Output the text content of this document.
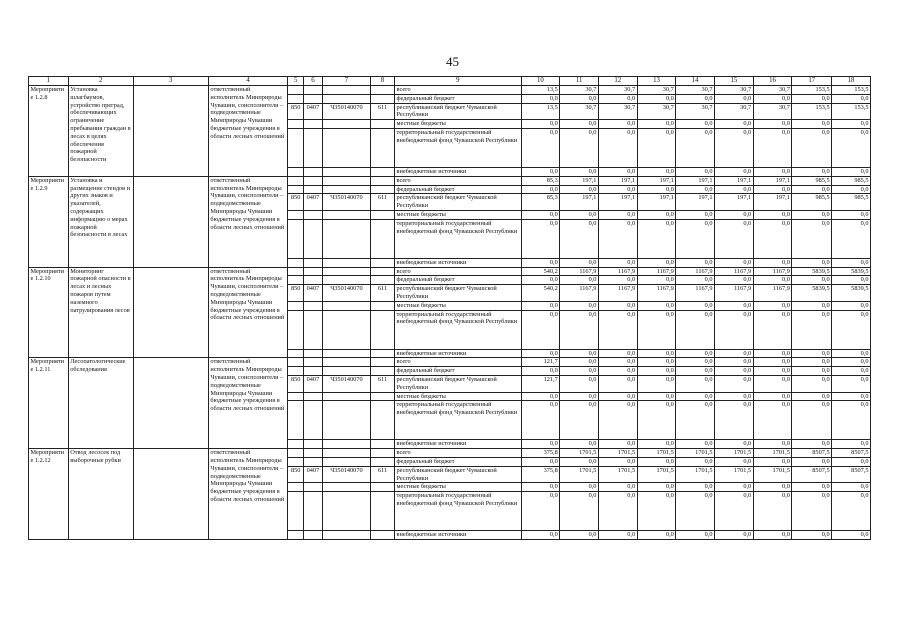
45
1	2	3	4	5	6	7	8	9	10	11	12	13	14	15	16	17	18
Мероприятие 1.2.8	Установка шлагбаумов, устройство преград, обеспечивающих ограничение пребывания граждан в лесах в целях обеспечения пожарной безопасности		ответственный исполнитель Минприроды Чувашии, соисполнители – подведомственные Минприроды Чувашии бюджетные учреждения в области лесных отношений					всего	13,5	30,7	30,7	30,7	30,7	30,7	30,7	153,5	153,5
								федеральный бюджет	0,0	0,0	0,0	0,0	0,0	0,0	0,0	0,0	0,0
				850	0407	Ч350140070	611	республиканский бюджет Чувашской Республики	13,5	30,7	30,7	30,7	30,7	30,7	30,7	153,5	153,5
								местные бюджеты	0,0	0,0	0,0	0,0	0,0	0,0	0,0	0,0	0,0
								территориальный государственный внебюджетный фонд Чувашской Республики	0,0	0,0	0,0	0,0	0,0	0,0	0,0	0,0	0,0
								внебюджетные источники	0,0	0,0	0,0	0,0	0,0	0,0	0,0	0,0	0,0
Мероприятие 1.2.9	Установка и размещение стендов и других знаков и указателей, содержащих информацию о мерах пожарной безопасности в лесах		ответственный исполнитель Минприроды Чувашии, соисполнители – подведомственные Минприроды Чувашии бюджетные учреждения в области лесных отношений					всего	85,3	197,1	197,1	197,1	197,1	197,1	197,1	985,5	985,5
								федеральный бюджет	0,0	0,0	0,0	0,0	0,0	0,0	0,0	0,0	0,0
				850	0407	Ч350140070	611	республиканский бюджет Чувашской Республики	85,3	197,1	197,1	197,1	197,1	197,1	197,1	985,5	985,5
								местные бюджеты	0,0	0,0	0,0	0,0	0,0	0,0	0,0	0,0	0,0
								территориальный государственный внебюджетный фонд Чувашской Республики	0,0	0,0	0,0	0,0	0,0	0,0	0,0	0,0	0,0
								внебюджетные источники	0,0	0,0	0,0	0,0	0,0	0,0	0,0	0,0	0,0
Мероприятие 1.2.10	Мониторинг пожарной опасности в лесах и лесных пожаров путем наземного патрулирования лесов		ответственный исполнитель Минприроды Чувашии, соисполнители – подведомственные Минприроды Чувашии бюджетные учреждения в области лесных отношений					всего	540,2	1167,9	1167,9	1167,9	1167,9	1167,9	1167,9	5839,5	5839,5
								федеральный бюджет	0,0	0,0	0,0	0,0	0,0	0,0	0,0	0,0	0,0
				850	0407	Ч350140070	611	республиканский бюджет Чувашской Республики	540,2	1167,9	1167,9	1167,9	1167,9	1167,9	1167,9	5839,5	5839,5
								местные бюджеты	0,0	0,0	0,0	0,0	0,0	0,0	0,0	0,0	0,0
								территориальный государственный внебюджетный фонд Чувашской Республики	0,0	0,0	0,0	0,0	0,0	0,0	0,0	0,0	0,0
								внебюджетные источники	0,0	0,0	0,0	0,0	0,0	0,0	0,0	0,0	0,0
Мероприятие 1.2.11	Лесопатологические обследования		ответственный исполнитель Минприроды Чувашии, соисполнители – подведомственные Минприроды Чувашии бюджетные учреждения в области лесных отношений					всего	121,7	0,0	0,0	0,0	0,0	0,0	0,0	0,0	0,0
								федеральный бюджет	0,0	0,0	0,0	0,0	0,0	0,0	0,0	0,0	0,0
				850	0407	Ч350140070	611	республиканский бюджет Чувашской Республики	121,7	0,0	0,0	0,0	0,0	0,0	0,0	0,0	0,0
								местные бюджеты	0,0	0,0	0,0	0,0	0,0	0,0	0,0	0,0	0,0
								территориальный государственный внебюджетный фонд Чувашской Республики	0,0	0,0	0,0	0,0	0,0	0,0	0,0	0,0	0,0
								внебюджетные источники	0,0	0,0	0,0	0,0	0,0	0,0	0,0	0,0	0,0
Мероприятие 1.2.12	Отвод лесосек под выборочные рубки		ответственный исполнитель Минприроды Чувашии, соисполнители – подведомственные Минприроды Чувашии бюджетные учреждения в области лесных отношений					всего	375,8	1701,5	1701,5	1701,5	1701,5	1701,5	1701,5	8507,5	8507,5
								федеральный бюджет	0,0	0,0	0,0	0,0	0,0	0,0	0,0	0,0	0,0
				850	0407	Ч350140070	611	республиканский бюджет Чувашской Республики	375,8	1701,5	1701,5	1701,5	1701,5	1701,5	1701,5	8507,5	8507,5
								местные бюджеты	0,0	0,0	0,0	0,0	0,0	0,0	0,0	0,0	0,0
								территориальный государственный внебюджетный фонд Чувашской Республики	0,0	0,0	0,0	0,0	0,0	0,0	0,0	0,0	0,0
								внебюджетные источники	0,0	0,0	0,0	0,0	0,0	0,0	0,0	0,0	0,0
